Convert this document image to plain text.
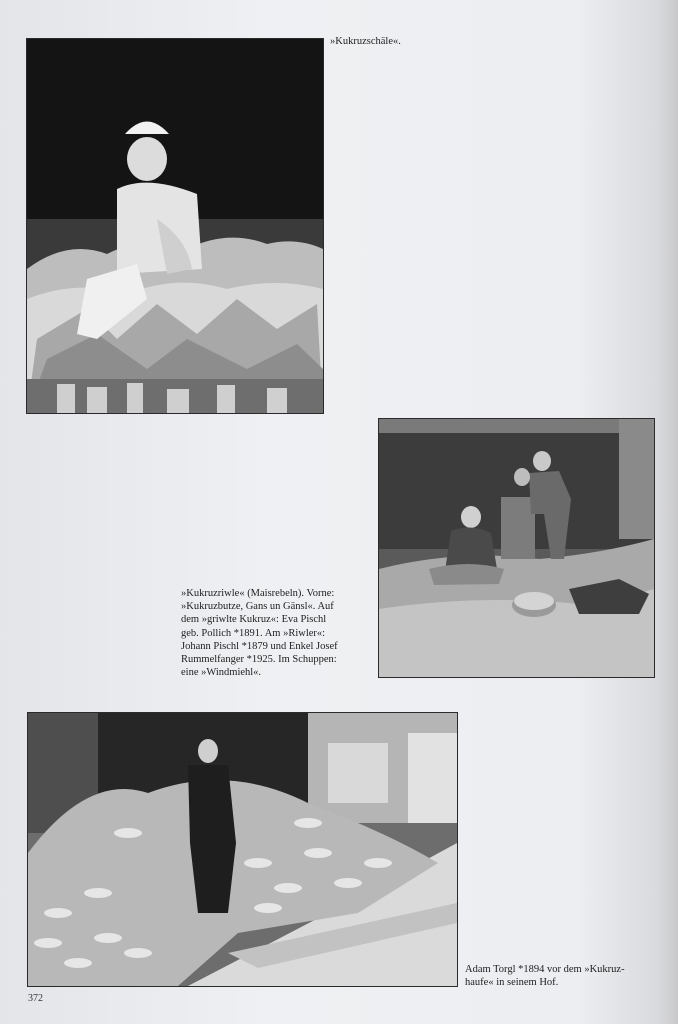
»Kukruzschäle«.
»Kukruzriwle« (Maisrebeln). Vorne:
»Kukruzbutze, Gans un Gänsl«. Auf
dem »griwlte Kukruz«: Eva Pischl
geb. Pollich *1891. Am »Riwler«:
Johann Pischl *1879 und Enkel Josef
Rummelfanger *1925. Im Schuppen:
eine »Windmiehl«.
Adam Torgl *1894 vor dem »Kukruz-
haufe« in seinem Hof.
372
